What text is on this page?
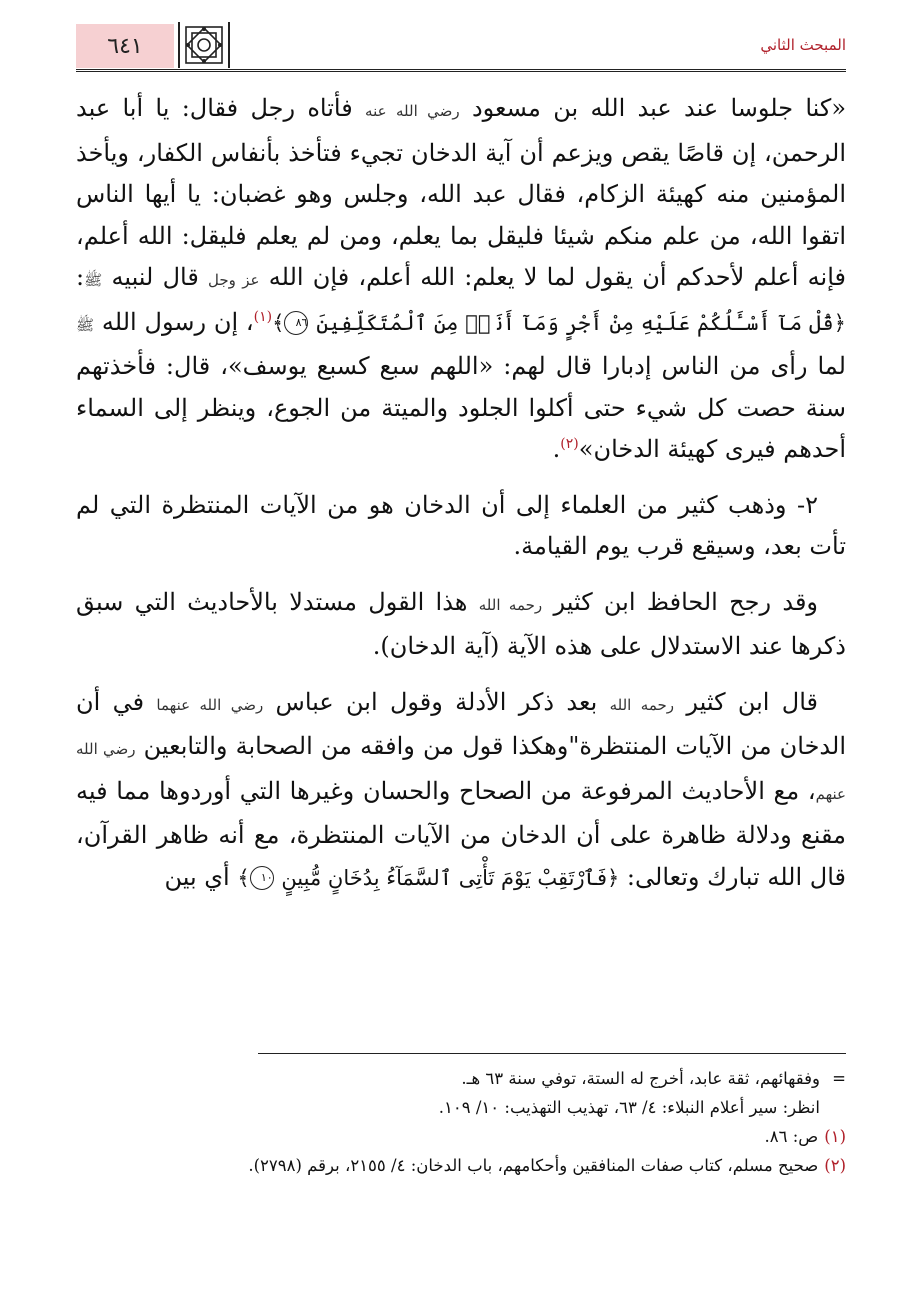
المبحث الثاني
٦٤١

«كنا جلوسا عند عبد الله بن مسعود رضي الله عنه فأتاه رجل فقال: يا أبا عبد الرحمن، إن قاصًا يقص ويزعم أن آية الدخان تجيء فتأخذ بأنفاس الكفار، ويأخذ المؤمنين منه كهيئة الزكام، فقال عبد الله، وجلس وهو غضبان: يا أيها الناس اتقوا الله، من علم منكم شيئا فليقل بما يعلم، ومن لم يعلم فليقل: الله أعلم، فإنه أعلم لأحدكم أن يقول لما لا يعلم: الله أعلم، فإن الله عز وجل قال لنبيه ﷺ: ﴿قُلْ مَآ أَسْـَٔلُكُمْ عَلَيْهِ مِنْ أَجْرٍ وَمَآ أَنَا۠ مِنَ ٱلْمُتَكَلِّفِينَ ٨٦﴾$^{(١)}$، إن رسول الله ﷺ لما رأى من الناس إدبارا قال لهم: «اللهم سبع كسبع يوسف»، قال: فأخذتهم سنة حصت كل شيء حتى أكلوا الجلود والميتة من الجوع، وينظر إلى السماء أحدهم فيرى كهيئة الدخان»$^{(٢)}$.

٢- وذهب كثير من العلماء إلى أن الدخان هو من الآيات المنتظرة التي لم تأت بعد، وسيقع قرب يوم القيامة.

وقد رجح الحافظ ابن كثير رحمه الله هذا القول مستدلا بالأحاديث التي سبق ذكرها عند الاستدلال على هذه الآية (آية الدخان).

قال ابن كثير رحمه الله بعد ذكر الأدلة وقول ابن عباس رضي الله عنهما في أن الدخان من الآيات المنتظرة"وهكذا قول من وافقه من الصحابة والتابعين رضي الله عنهم، مع الأحاديث المرفوعة من الصحاح والحسان وغيرها التي أوردوها مما فيه مقنع ودلالة ظاهرة على أن الدخان من الآيات المنتظرة، مع أنه ظاهر القرآن، قال الله تبارك وتعالى: ﴿فَٱرْتَقِبْ يَوْمَ تَأْتِى ٱلسَّمَآءُ بِدُخَانٍ مُّبِينٍ ١٠﴾ أي بين

=وفقهائهم، ثقة عابد، أخرج له الستة، توفي سنة ٦٣ هـ.

انظر: سير أعلام النبلاء: ٤/ ٦٣، تهذيب التهذيب: ١٠/ ١٠٩.

(١)ص: ٨٦.

(٢)صحيح مسلم، كتاب صفات المنافقين وأحكامهم، باب الدخان: ٤/ ٢١٥٥، برقم (٢٧٩٨).
